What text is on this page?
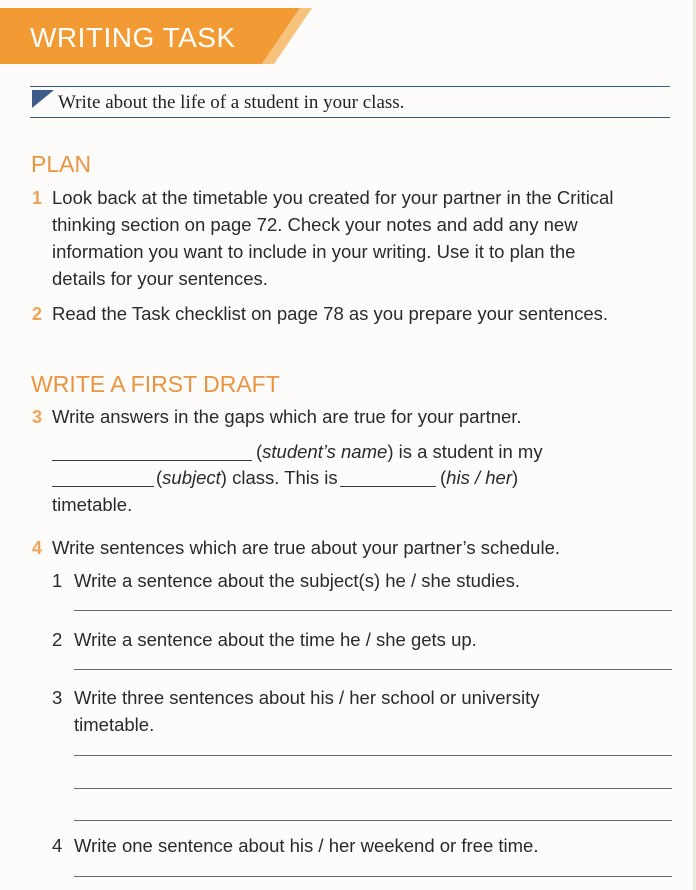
WRITING TASK
Write about the life of a student in your class.
PLAN
1 Look back at the timetable you created for your partner in the Critical
thinking section on page 72. Check your notes and add any new
information you want to include in your writing. Use it to plan the
details for your sentences.
2 Read the Task checklist on page 78 as you prepare your sentences.
WRITE A FIRST DRAFT
3 Write answers in the gaps which are true for your partner.
(student’s name) is a student in my
(subject) class. This is	(his / her)
timetable.
4 Write sentences which are true about your partner’s schedule.
1 Write a sentence about the subject(s) he / she studies.
2 Write a sentence about the time he / she gets up.
3 Write three sentences about his / her school or university
timetable.
4 Write one sentence about his / her weekend or free time.
